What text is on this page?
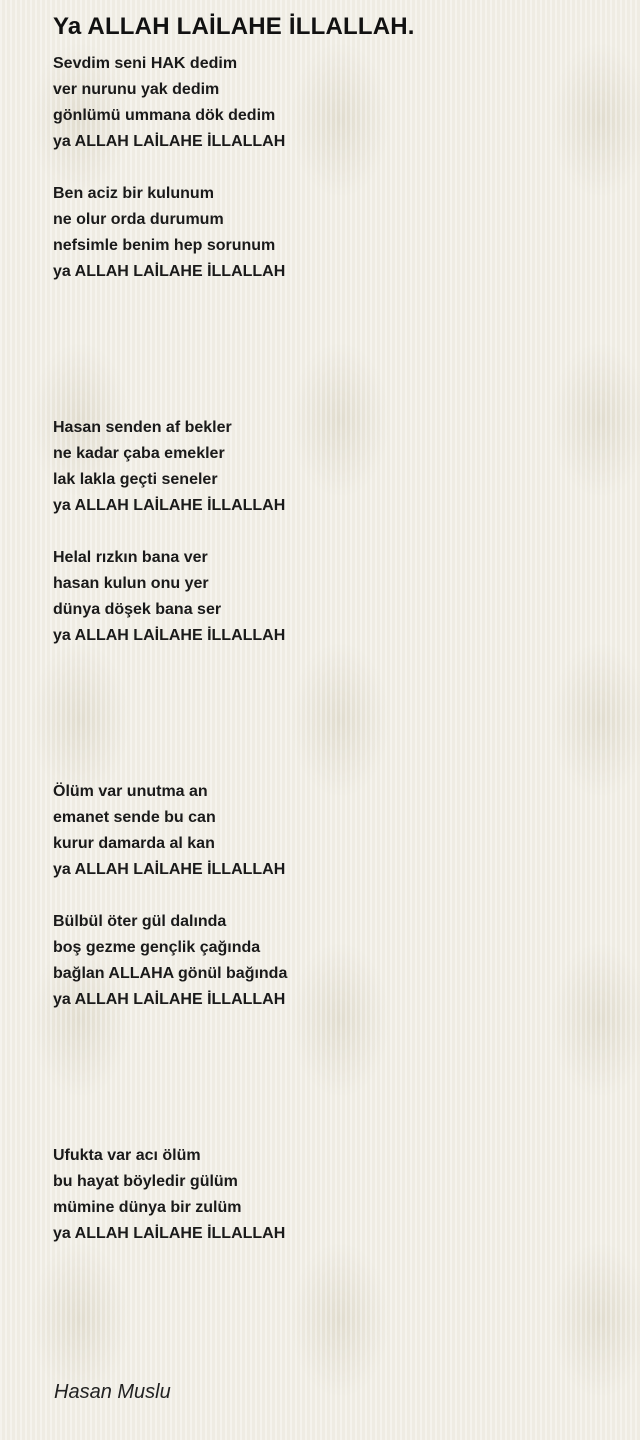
Ya ALLAH LAİLAHE İLLALLAH.
Sevdim seni HAK dedim
ver nurunu yak dedim
gönlümü ummana dök dedim
ya ALLAH LAİLAHE İLLALLAH
Ben aciz bir kulunum
ne olur orda durumum
nefsimle benim hep sorunum
ya ALLAH LAİLAHE İLLALLAH
Hasan senden af bekler
ne kadar çaba emekler
lak lakla geçti seneler
ya ALLAH LAİLAHE İLLALLAH
Helal rızkın bana ver
hasan kulun onu yer
dünya döşek bana ser
ya ALLAH LAİLAHE İLLALLAH
Ölüm var unutma an
emanet sende bu can
kurur damarda al kan
ya ALLAH LAİLAHE İLLALLAH
Bülbül öter gül dalında
boş gezme gençlik çağında
bağlan ALLAHA gönül bağında
ya ALLAH LAİLAHE İLLALLAH
Ufukta var acı ölüm
bu hayat böyledir gülüm
mümine dünya bir zulüm
ya ALLAH LAİLAHE İLLALLAH

Hasan Muslu
